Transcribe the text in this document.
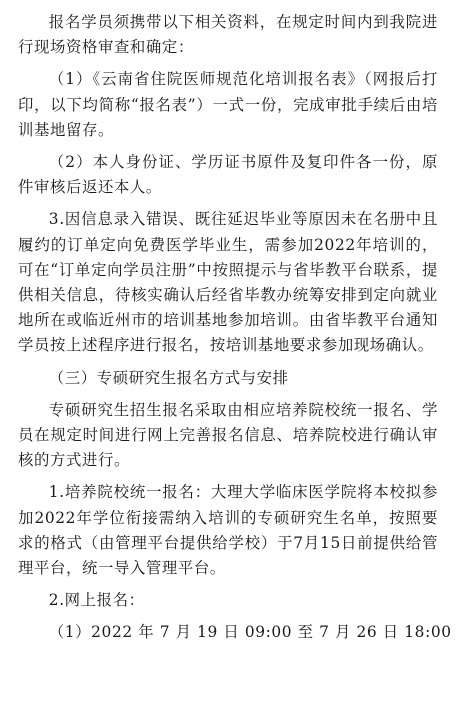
报名学员须携带以下相关资料，在规定时间内到我院进行现场资格审查和确定：

（1）《云南省住院医师规范化培训报名表》（网报后打印，以下均简称“报名表”）一式一份，完成审批手续后由培训基地留存。

（2）本人身份证、学历证书原件及复印件各一份，原件审核后返还本人。

3.因信息录入错误、既往延迟毕业等原因未在名册中且履约的订单定向免费医学毕业生，需参加2022年培训的，可在“订单定向学员注册”中按照提示与省毕教平台联系，提供相关信息，待核实确认后经省毕教办统筹安排到定向就业地所在或临近州市的培训基地参加培训。由省毕教平台通知学员按上述程序进行报名，按培训基地要求参加现场确认。

（三）专硕研究生报名方式与安排

专硕研究生招生报名采取由相应培养院校统一报名、学员在规定时间进行网上完善报名信息、培养院校进行确认审核的方式进行。

1.培养院校统一报名：大理大学临床医学院将本校拟参加2022年学位衔接需纳入培训的专硕研究生名单，按照要求的格式（由管理平台提供给学校）于7月15日前提供给管理平台，统一导入管理平台。

2.网上报名：

（1）2022 年 7 月 19 日 09:00 至 7 月 26 日 18:00
